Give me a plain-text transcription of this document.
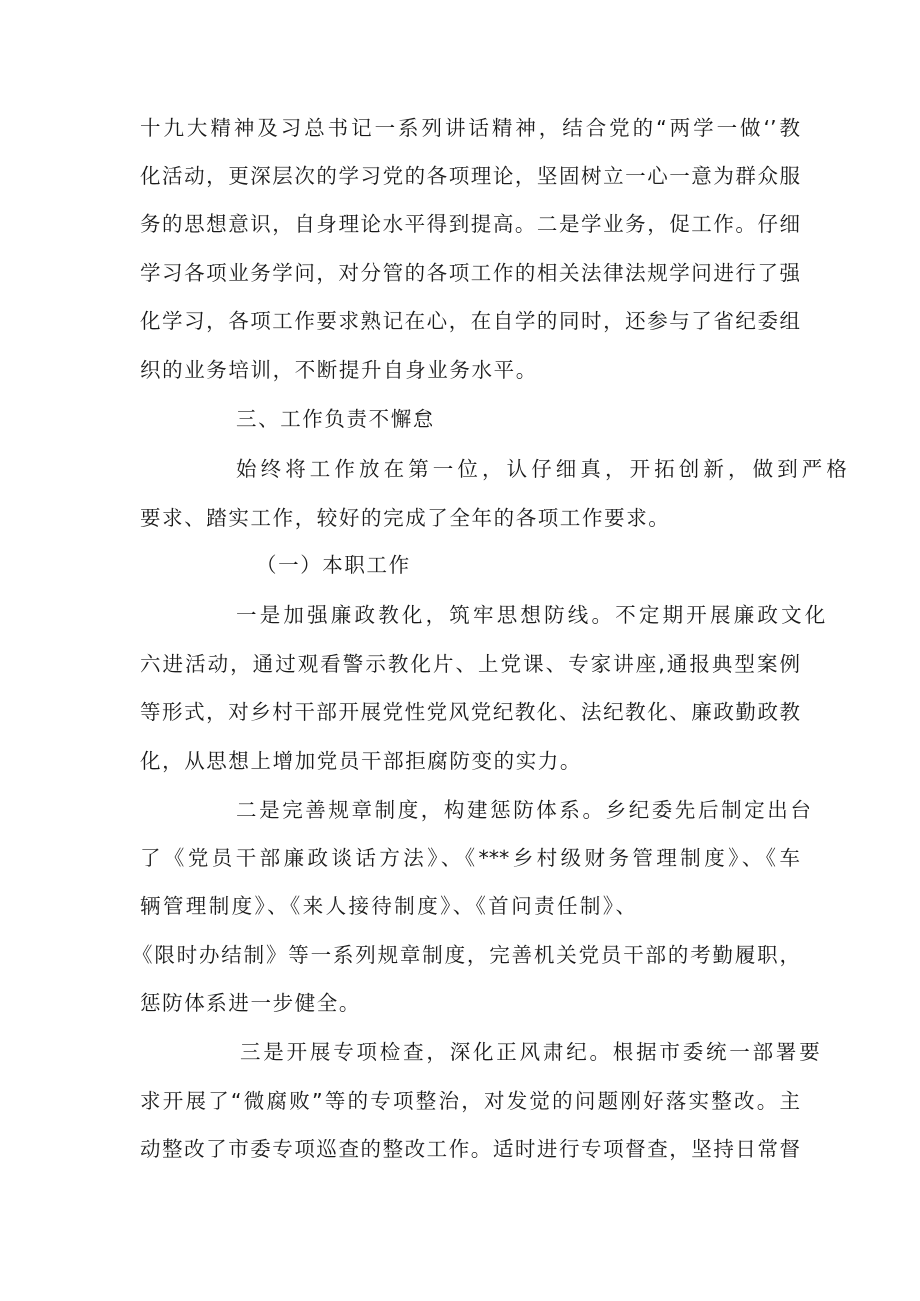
十九大精神及习总书记一系列讲话精神，结合党的“两学一做‘’教
化活动，更深层次的学习党的各项理论，坚固树立一心一意为群众服
务的思想意识，自身理论水平得到提高。二是学业务，促工作。仔细
学习各项业务学问，对分管的各项工作的相关法律法规学问进行了强
化学习，各项工作要求熟记在心，在自学的同时，还参与了省纪委组
织的业务培训，不断提升自身业务水平。
三、工作负责不懈怠
始终将工作放在第一位，认仔细真，开拓创新，做到严格
要求、踏实工作，较好的完成了全年的各项工作要求。
（一）本职工作
一是加强廉政教化，筑牢思想防线。不定期开展廉政文化
六进活动，通过观看警示教化片、上党课、专家讲座,通报典型案例
等形式，对乡村干部开展党性党风党纪教化、法纪教化、廉政勤政教
化，从思想上增加党员干部拒腐防变的实力。
二是完善规章制度，构建惩防体系。乡纪委先后制定出台
了《党员干部廉政谈话方法》、《***乡村级财务管理制度》、《车
辆管理制度》、《来人接待制度》、《首问责任制》、
《限时办结制》等一系列规章制度，完善机关党员干部的考勤履职，
惩防体系进一步健全。
三是开展专项检查，深化正风肃纪。根据市委统一部署要
求开展了“微腐败”等的专项整治，对发觉的问题刚好落实整改。主
动整改了市委专项巡查的整改工作。适时进行专项督查，坚持日常督
